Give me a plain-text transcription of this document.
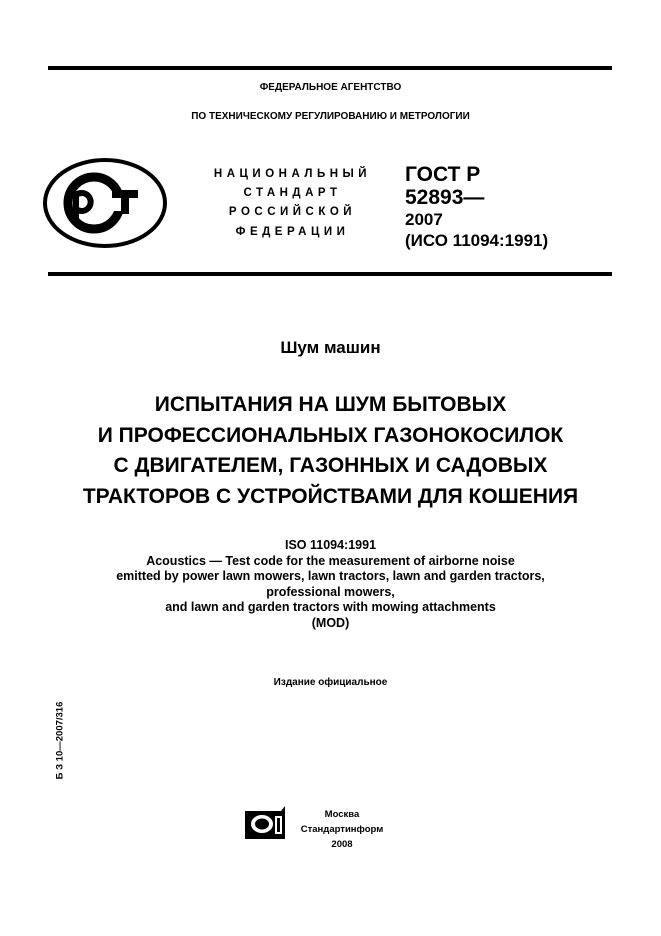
ФЕДЕРАЛЬНОЕ АГЕНТСТВО
ПО ТЕХНИЧЕСКОМУ РЕГУЛИРОВАНИЮ И МЕТРОЛОГИИ
НАЦИОНАЛЬНЫЙ
СТАНДАРТ
РОССИЙСКОЙ
ФЕДЕРАЦИИ
ГОСТ Р
52893—
2007
(ИСО 11094:1991)
Шум машин
ИСПЫТАНИЯ НА ШУМ БЫТОВЫХ
И ПРОФЕССИОНАЛЬНЫХ ГАЗОНОКОСИЛОК
С ДВИГАТЕЛЕМ, ГАЗОННЫХ И САДОВЫХ
ТРАКТОРОВ С УСТРОЙСТВАМИ ДЛЯ КОШЕНИЯ
ISO 11094:1991
Acoustics — Test code for the measurement of airborne noise
emitted by power lawn mowers, lawn tractors, lawn and garden tractors,
professional mowers,
and lawn and garden tractors with mowing attachments
(MOD)
Издание официальное
Б З 10—2007/316
Москва
Стандартинформ
2008
